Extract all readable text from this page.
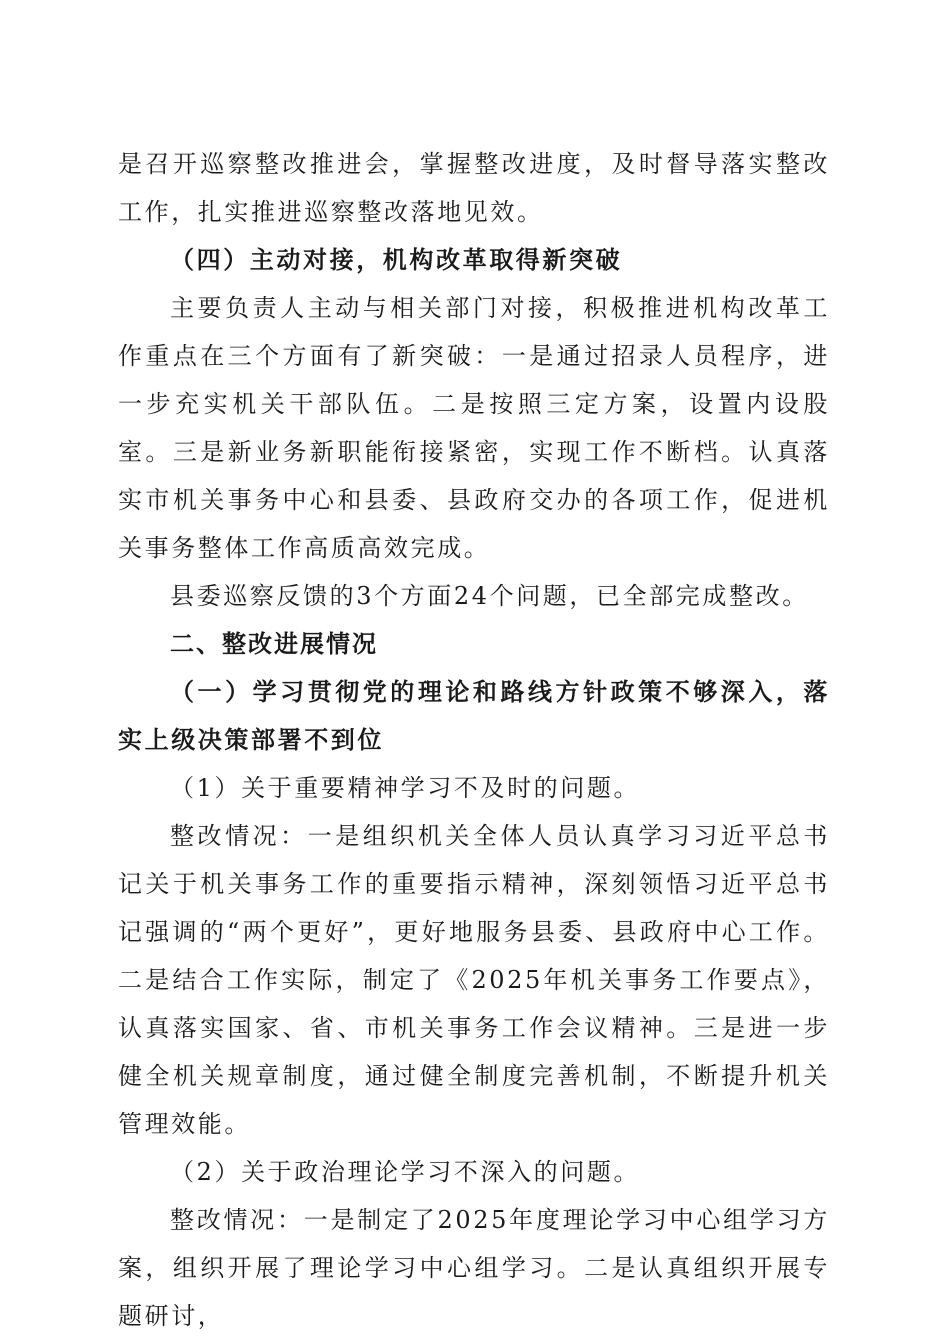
是召开巡察整改推进会，掌握整改进度，及时督导落实整改工作，扎实推进巡察整改落地见效。

（四）主动对接，机构改革取得新突破

主要负责人主动与相关部门对接，积极推进机构改革工作重点在三个方面有了新突破：一是通过招录人员程序，进一步充实机关干部队伍。二是按照三定方案，设置内设股室。三是新业务新职能衔接紧密，实现工作不断档。认真落实市机关事务中心和县委、县政府交办的各项工作，促进机关事务整体工作高质高效完成。

县委巡察反馈的3个方面24个问题，已全部完成整改。

二、整改进展情况

（一）学习贯彻党的理论和路线方针政策不够深入，落实上级决策部署不到位

（1）关于重要精神学习不及时的问题。

整改情况：一是组织机关全体人员认真学习习近平总书记关于机关事务工作的重要指示精神，深刻领悟习近平总书记强调的“两个更好”，更好地服务县委、县政府中心工作。二是结合工作实际，制定了《2025年机关事务工作要点》，认真落实国家、省、市机关事务工作会议精神。三是进一步健全机关规章制度，通过健全制度完善机制，不断提升机关管理效能。

（2）关于政治理论学习不深入的问题。

整改情况：一是制定了2025年度理论学习中心组学习方案，组织开展了理论学习中心组学习。二是认真组织开展专题研讨，
